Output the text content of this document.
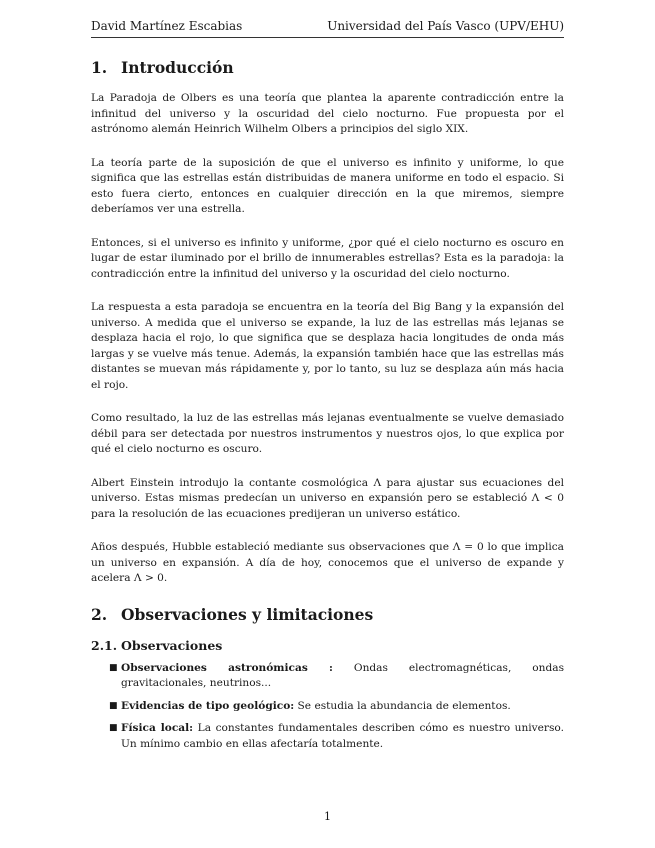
David Martínez Escabias	Universidad del País Vasco (UPV/EHU)
1. Introducción

La Paradoja de Olbers es una teoría que plantea la aparente contradicción entre la infinitud del universo y la oscuridad del cielo nocturno. Fue propuesta por el astrónomo alemán Heinrich Wilhelm Olbers a principios del siglo XIX.

La teoría parte de la suposición de que el universo es infinito y uniforme, lo que significa que las estrellas están distribuidas de manera uniforme en todo el espacio. Si esto fuera cierto, entonces en cualquier dirección en la que miremos, siempre deberíamos ver una estrella.

Entonces, si el universo es infinito y uniforme, ¿por qué el cielo nocturno es oscuro en lugar de estar iluminado por el brillo de innumerables estrellas? Esta es la paradoja: la contradicción entre la infinitud del universo y la oscuridad del cielo nocturno.

La respuesta a esta paradoja se encuentra en la teoría del Big Bang y la expansión del universo. A medida que el universo se expande, la luz de las estrellas más lejanas se desplaza hacia el rojo, lo que significa que se desplaza hacia longitudes de onda más largas y se vuelve más tenue. Además, la expansión también hace que las estrellas más distantes se muevan más rápidamente y, por lo tanto, su luz se desplaza aún más hacia el rojo.

Como resultado, la luz de las estrellas más lejanas eventualmente se vuelve demasiado débil para ser detectada por nuestros instrumentos y nuestros ojos, lo que explica por qué el cielo nocturno es oscuro.

Albert Einstein introdujo la contante cosmológica Λ para ajustar sus ecuaciones del universo. Estas mismas predecían un universo en expansión pero se estableció Λ < 0 para la resolución de las ecuaciones predijeran un universo estático.

Años después, Hubble estableció mediante sus observaciones que Λ = 0 lo que implica un universo en expansión. A día de hoy, conocemos que el universo de expande y acelera Λ > 0.

2. Observaciones y limitaciones
2.1. Observaciones
■ Observaciones astronómicas : Ondas electromagnéticas, ondas gravitacionales, neutrinos...
■ Evidencias de tipo geológico: Se estudia la abundancia de elementos.
■ Física local: La constantes fundamentales describen cómo es nuestro universo. Un mínimo cambio en ellas afectaría totalmente.
1
